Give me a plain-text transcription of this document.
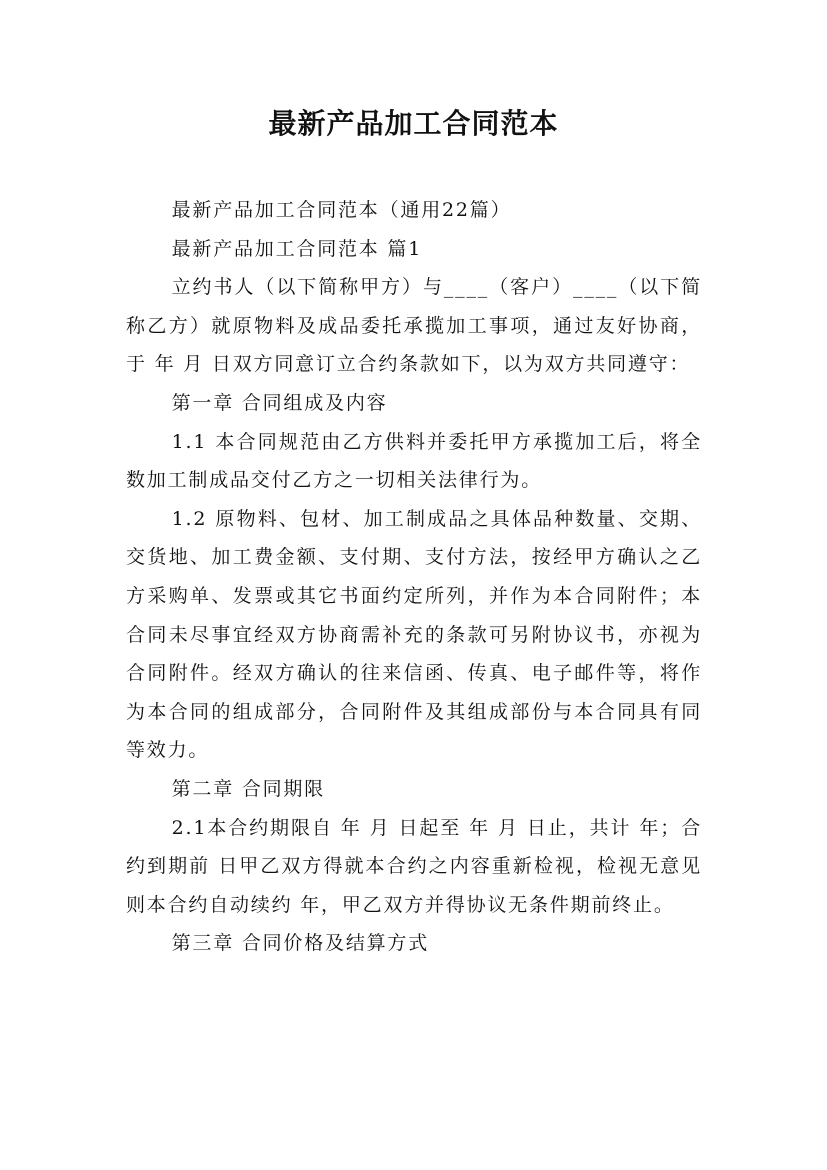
最新产品加工合同范本

最新产品加工合同范本（通用22篇）

最新产品加工合同范本 篇1

立约书人（以下简称甲方）与____（客户）____（以下简称乙方）就原物料及成品委托承揽加工事项，通过友好协商，于 年 月 日双方同意订立合约条款如下，以为双方共同遵守：

第一章 合同组成及内容

1.1 本合同规范由乙方供料并委托甲方承揽加工后，将全数加工制成品交付乙方之一切相关法律行为。

1.2 原物料、包材、加工制成品之具体品种数量、交期、交货地、加工费金额、支付期、支付方法，按经甲方确认之乙方采购单、发票或其它书面约定所列，并作为本合同附件；本合同未尽事宜经双方协商需补充的条款可另附协议书，亦视为合同附件。经双方确认的往来信函、传真、电子邮件等，将作为本合同的组成部分，合同附件及其组成部份与本合同具有同等效力。

第二章 合同期限

2.1本合约期限自 年 月 日起至 年 月 日止，共计 年；合约到期前 日甲乙双方得就本合约之内容重新检视，检视无意见则本合约自动续约 年，甲乙双方并得协议无条件期前终止。

第三章 合同价格及结算方式
